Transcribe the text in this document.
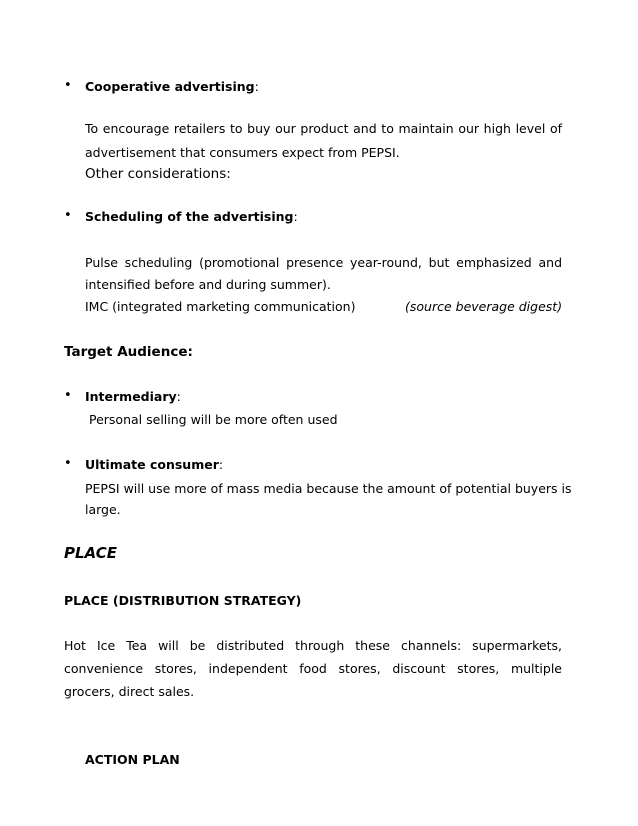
• Cooperative advertising:
To encourage retailers to buy our product and to maintain our high level of
advertisement that consumers expect from PEPSI.
Other considerations:
• Scheduling of the advertising:
Pulse scheduling (promotional presence year-round, but emphasized and
intensified before and during summer).
IMC (integrated marketing communication)	(source beverage digest)
Target Audience:
• Intermediary:
Personal selling will be more often used
• Ultimate consumer:
PEPSI will use more of mass media because the amount of potential buyers is
large.
PLACE
PLACE (DISTRIBUTION STRATEGY)
Hot Ice Tea will be distributed through these channels: supermarkets,
convenience stores, independent food stores, discount stores, multiple
grocers, direct sales.
ACTION PLAN
